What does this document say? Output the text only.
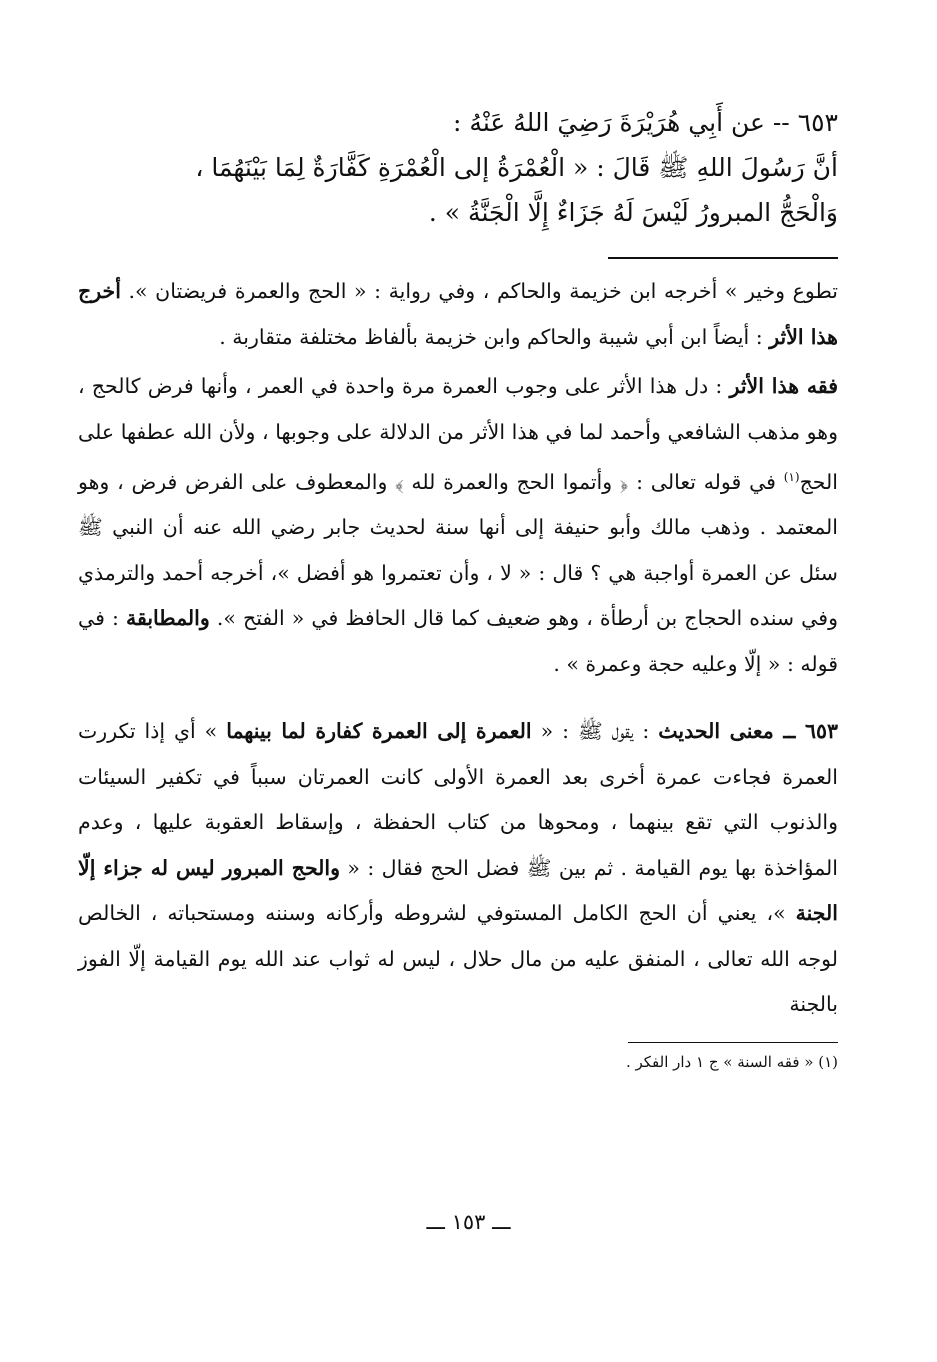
٦٥٣ -- عن أَبِي هُرَيْرَةَ رَضِيَ اللهُ عَنْهُ :

أنَّ رَسُولَ اللهِ ﷺ قَالَ : « الْعُمْرَةُ إلى الْعُمْرَةِ كَفَّارَةٌ لِمَا بَيْنَهُمَا ،

وَالْحَجُّ المبرورُ لَيْسَ لَهُ جَزَاءٌ إِلَّا الْجَنَّةُ » .

تطوع وخير » أخرجه ابن خزيمة والحاكم ، وفي رواية : « الحج والعمرة فريضتان ». أخرج هذا الأثر : أيضاً ابن أبي شيبة والحاكم وابن خزيمة بألفاظ مختلفة متقاربة .

فقه هذا الأثر : دل هذا الأثر على وجوب العمرة مرة واحدة في العمر ، وأنها فرض كالحج ، وهو مذهب الشافعي وأحمد لما في هذا الأثر من الدلالة على وجوبها ، ولأن الله عطفها على الحج$^{(١)}$ في قوله تعالى : ﴿ وأتموا الحج والعمرة لله ﴾ والمعطوف على الفرض فرض ، وهو المعتمد . وذهب مالك وأبو حنيفة إلى أنها سنة لحديث جابر رضي الله عنه أن النبي ﷺ سئل عن العمرة أواجبة هي ؟ قال : « لا ، وأن تعتمروا هو أفضل »، أخرجه أحمد والترمذي وفي سنده الحجاج بن أرطأة ، وهو ضعيف كما قال الحافظ في « الفتح ». والمطابقة : في قوله : « إلّا وعليه حجة وعمرة » .

٦٥٣ ــ معنى الحديث : يقول ﷺ : « العمرة إلى العمرة كفارة لما بينهما » أي إذا تكررت العمرة فجاءت عمرة أخرى بعد العمرة الأولى كانت العمرتان سبباً في تكفير السيئات والذنوب التي تقع بينهما ، ومحوها من كتاب الحفظة ، وإسقاط العقوبة عليها ، وعدم المؤاخذة بها يوم القيامة . ثم بين ﷺ فضل الحج فقال : « والحج المبرور ليس له جزاء إلّا الجنة »، يعني أن الحج الكامل المستوفي لشروطه وأركانه وسننه ومستحباته ، الخالص لوجه الله تعالى ، المنفق عليه من مال حلال ، ليس له ثواب عند الله يوم القيامة إلّا الفوز بالجنة

(١) « فقه السنة » ج ١ دار الفكر .
ـــ ١٥٣ ـــ
